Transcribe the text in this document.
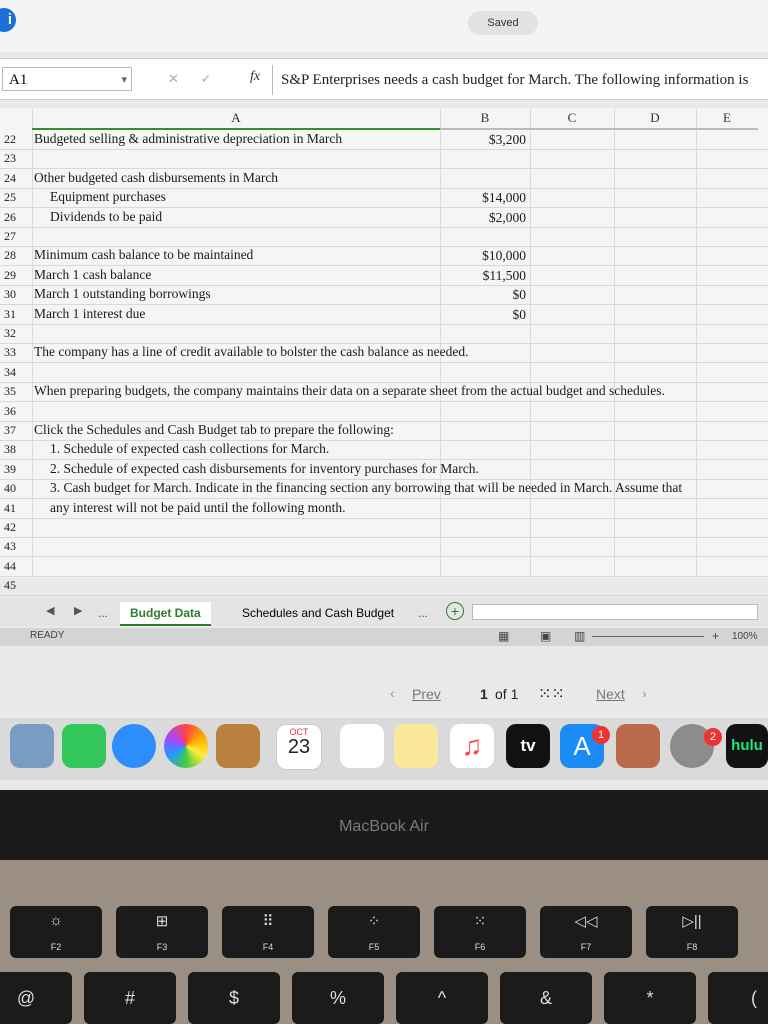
i	Saved
A1	▾	✕ ✓	fx	S&P Enterprises needs a cash budget for March. The following information is
A	B	C	D	E
22	Budgeted selling & administrative depreciation in March	$3,200
23
24	Other budgeted cash disbursements in March
25	Equipment purchases	$14,000
26	Dividends to be paid	$2,000
27
28	Minimum cash balance to be maintained	$10,000
29	March 1 cash balance	$11,500
30	March 1 outstanding borrowings	$0
31	March 1 interest due	$0
32
33	The company has a line of credit available to bolster the cash balance as needed.
34
35	When preparing budgets, the company maintains their data on a separate sheet from the actual budget and schedules.
36
37	Click the Schedules and Cash Budget tab to prepare the following:
38	1. Schedule of expected cash collections for March.
39	2. Schedule of expected cash disbursements for inventory purchases for March.
40	3. Cash budget for March. Indicate in the financing section any borrowing that will be needed in March. Assume that
41	any interest will not be paid until the following month.
42
43
44
45
◀ ▶	...	Budget Data	Schedules and Cash Budget	...	+
READY	▦	▣ ▥	+ 100%
‹ Prev	1 of 1 ⁙⁙ Next ›
OCT
23	♫	tv	A 1	2	hulu
MacBook Air
☼
F2
⊞
F3
⠿
F4
⁘
F5
⁙
F6
◁◁
F7
▷||
F8
@	#	$	%	^	&	*	(
